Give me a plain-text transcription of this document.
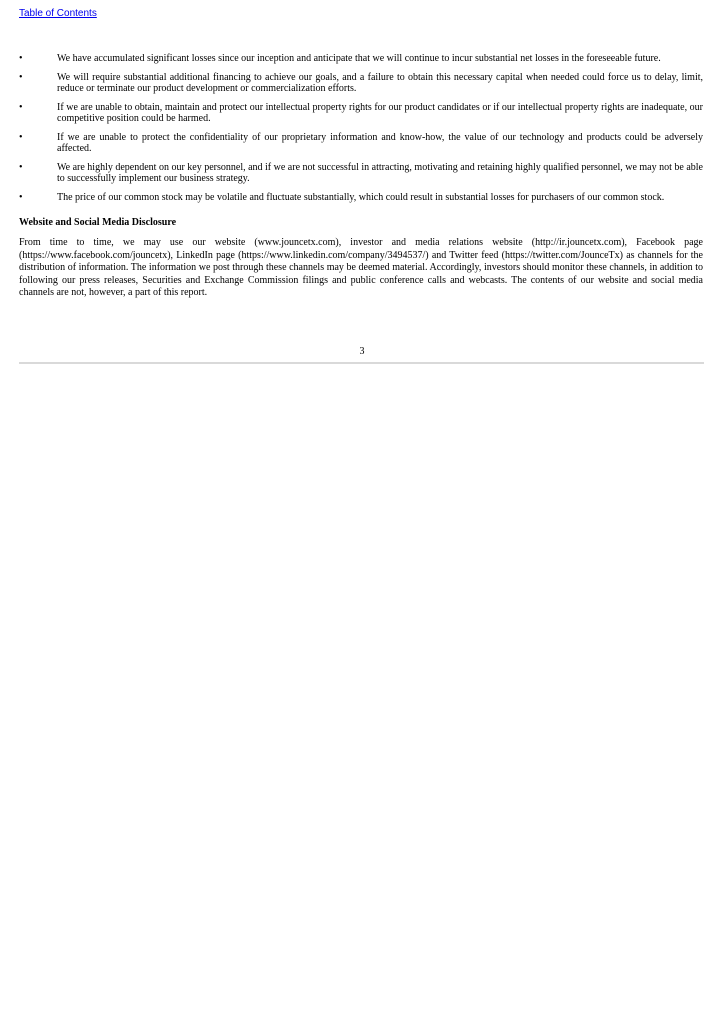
Table of Contents
•	We have accumulated significant losses since our inception and anticipate that we will continue to incur substantial net losses in the foreseeable future.
•	We will require substantial additional financing to achieve our goals, and a failure to obtain this necessary capital when needed could force us to delay, limit, reduce or terminate our product development or commercialization efforts.
•	If we are unable to obtain, maintain and protect our intellectual property rights for our product candidates or if our intellectual property rights are inadequate, our competitive position could be harmed.
•	If we are unable to protect the confidentiality of our proprietary information and know-how, the value of our technology and products could be adversely affected.
•	We are highly dependent on our key personnel, and if we are not successful in attracting, motivating and retaining highly qualified personnel, we may not be able to successfully implement our business strategy.
•	The price of our common stock may be volatile and fluctuate substantially, which could result in substantial losses for purchasers of our common stock.
Website and Social Media Disclosure

From time to time, we may use our website (www.jouncetx.com), investor and media relations website (http://ir.jouncetx.com), Facebook page (https://www.facebook.com/jouncetx), LinkedIn page (https://www.linkedin.com/company/3494537/) and Twitter feed (https://twitter.com/JounceTx) as channels for the distribution of information. The information we post through these channels may be deemed material. Accordingly, investors should monitor these channels, in addition to following our press releases, Securities and Exchange Commission filings and public conference calls and webcasts. The contents of our website and social media channels are not, however, a part of this report.

3
